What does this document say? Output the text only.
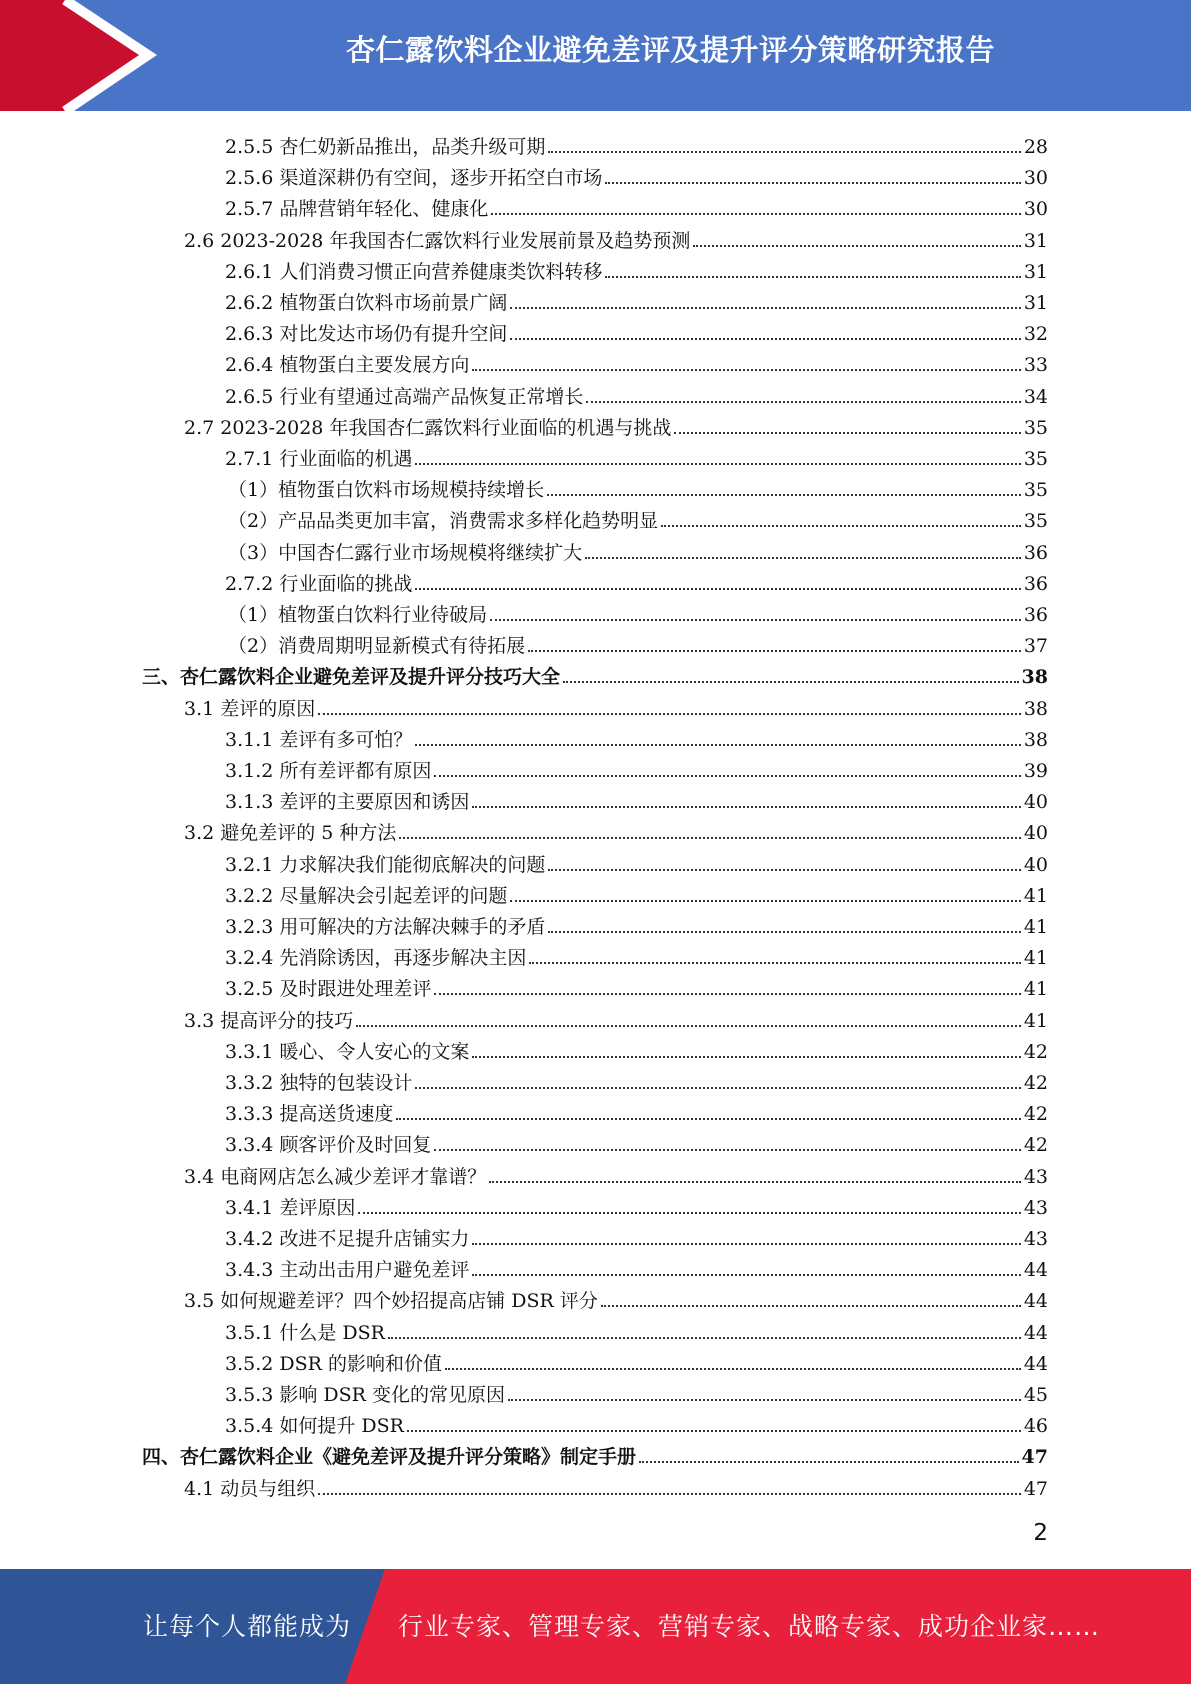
杏仁露饮料企业避免差评及提升评分策略研究报告
2.5.5 杏仁奶新品推出，品类升级可期	28
2.5.6 渠道深耕仍有空间，逐步开拓空白市场	30
2.5.7 品牌营销年轻化、健康化	30
2.6 2023-2028 年我国杏仁露饮料行业发展前景及趋势预测	31
2.6.1 人们消费习惯正向营养健康类饮料转移	31
2.6.2 植物蛋白饮料市场前景广阔	31
2.6.3 对比发达市场仍有提升空间	32
2.6.4 植物蛋白主要发展方向	33
2.6.5 行业有望通过高端产品恢复正常增长	34
2.7 2023-2028 年我国杏仁露饮料行业面临的机遇与挑战	35
2.7.1 行业面临的机遇	35
（1）植物蛋白饮料市场规模持续增长	35
（2）产品品类更加丰富，消费需求多样化趋势明显	35
（3）中国杏仁露行业市场规模将继续扩大	36
2.7.2 行业面临的挑战	36
（1）植物蛋白饮料行业待破局	36
（2）消费周期明显新模式有待拓展	37
三、杏仁露饮料企业避免差评及提升评分技巧大全	38
3.1 差评的原因	38
3.1.1 差评有多可怕？	38
3.1.2 所有差评都有原因	39
3.1.3 差评的主要原因和诱因	40
3.2 避免差评的 5 种方法	40
3.2.1 力求解决我们能彻底解决的问题	40
3.2.2 尽量解决会引起差评的问题	41
3.2.3 用可解决的方法解决棘手的矛盾	41
3.2.4 先消除诱因，再逐步解决主因	41
3.2.5 及时跟进处理差评	41
3.3 提高评分的技巧	41
3.3.1 暖心、令人安心的文案	42
3.3.2 独特的包装设计	42
3.3.3 提高送货速度	42
3.3.4 顾客评价及时回复	42
3.4 电商网店怎么减少差评才靠谱？	43
3.4.1 差评原因	43
3.4.2 改进不足提升店铺实力	43
3.4.3 主动出击用户避免差评	44
3.5 如何规避差评？四个妙招提高店铺 DSR 评分	44
3.5.1 什么是 DSR	44
3.5.2 DSR 的影响和价值	44
3.5.3 影响 DSR 变化的常见原因	45
3.5.4 如何提升 DSR	46
四、杏仁露饮料企业《避免差评及提升评分策略》制定手册	47
4.1 动员与组织	47
2
让每个人都能成为 行业专家、管理专家、营销专家、战略专家、成功企业家……
